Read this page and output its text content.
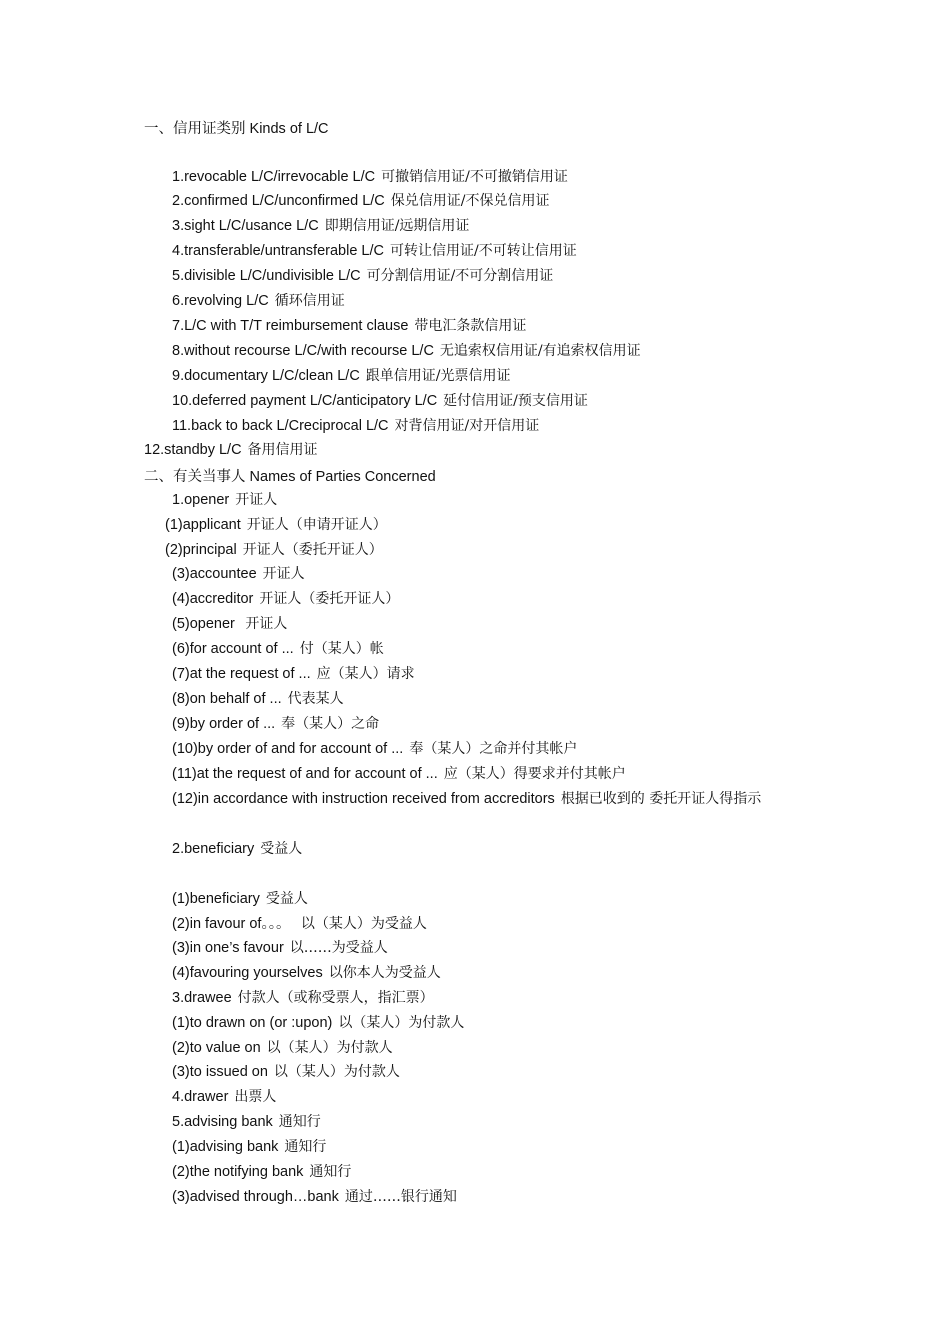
一、信用证类别 Kinds of L/C
1.revocable L/C/irrevocable L/C 可撤销信用证/不可撤销信用证
2.confirmed L/C/unconfirmed L/C 保兑信用证/不保兑信用证
3.sight L/C/usance L/C 即期信用证/远期信用证
4.transferable/untransferable L/C 可转让信用证/不可转让信用证
5.divisible L/C/undivisible L/C 可分割信用证/不可分割信用证
6.revolving L/C 循环信用证
7.L/C with T/T reimbursement clause 带电汇条款信用证
8.without recourse L/C/with recourse L/C 无追索权信用证/有追索权信用证
9.documentary L/C/clean L/C 跟单信用证/光票信用证
10.deferred payment L/C/anticipatory L/C 延付信用证/预支信用证
11.back to back L/Creciprocal L/C 对背信用证/对开信用证
12.standby L/C 备用信用证
二、有关当事人 Names of Parties Concerned
1.opener 开证人
(1)applicant 开证人（申请开证人）
(2)principal 开证人（委托开证人）
(3)accountee 开证人
(4)accreditor 开证人（委托开证人）
(5)opener 开证人
(6)for account of ... 付（某人）帐
(7)at the request of ... 应（某人）请求
(8)on behalf of ... 代表某人
(9)by order of ... 奉（某人）之命
(10)by order of and for account of ... 奉（某人）之命并付其帐户
(11)at the request of and for account of ... 应（某人）得要求并付其帐户
(12)in accordance with instruction received from accreditors 根据已收到的 委托开证人得指示
2.beneficiary 受益人
(1)beneficiary 受益人
(2)in favour of。。。 以（某人）为受益人
(3)in one’s favour 以……为受益人
(4)favouring yourselves 以你本人为受益人
3.drawee 付款人（或称受票人，指汇票）
(1)to drawn on (or :upon) 以（某人）为付款人
(2)to value on 以（某人）为付款人
(3)to issued on 以（某人）为付款人
4.drawer 出票人
5.advising bank 通知行
(1)advising bank 通知行
(2)the notifying bank 通知行
(3)advised through…bank 通过……银行通知
